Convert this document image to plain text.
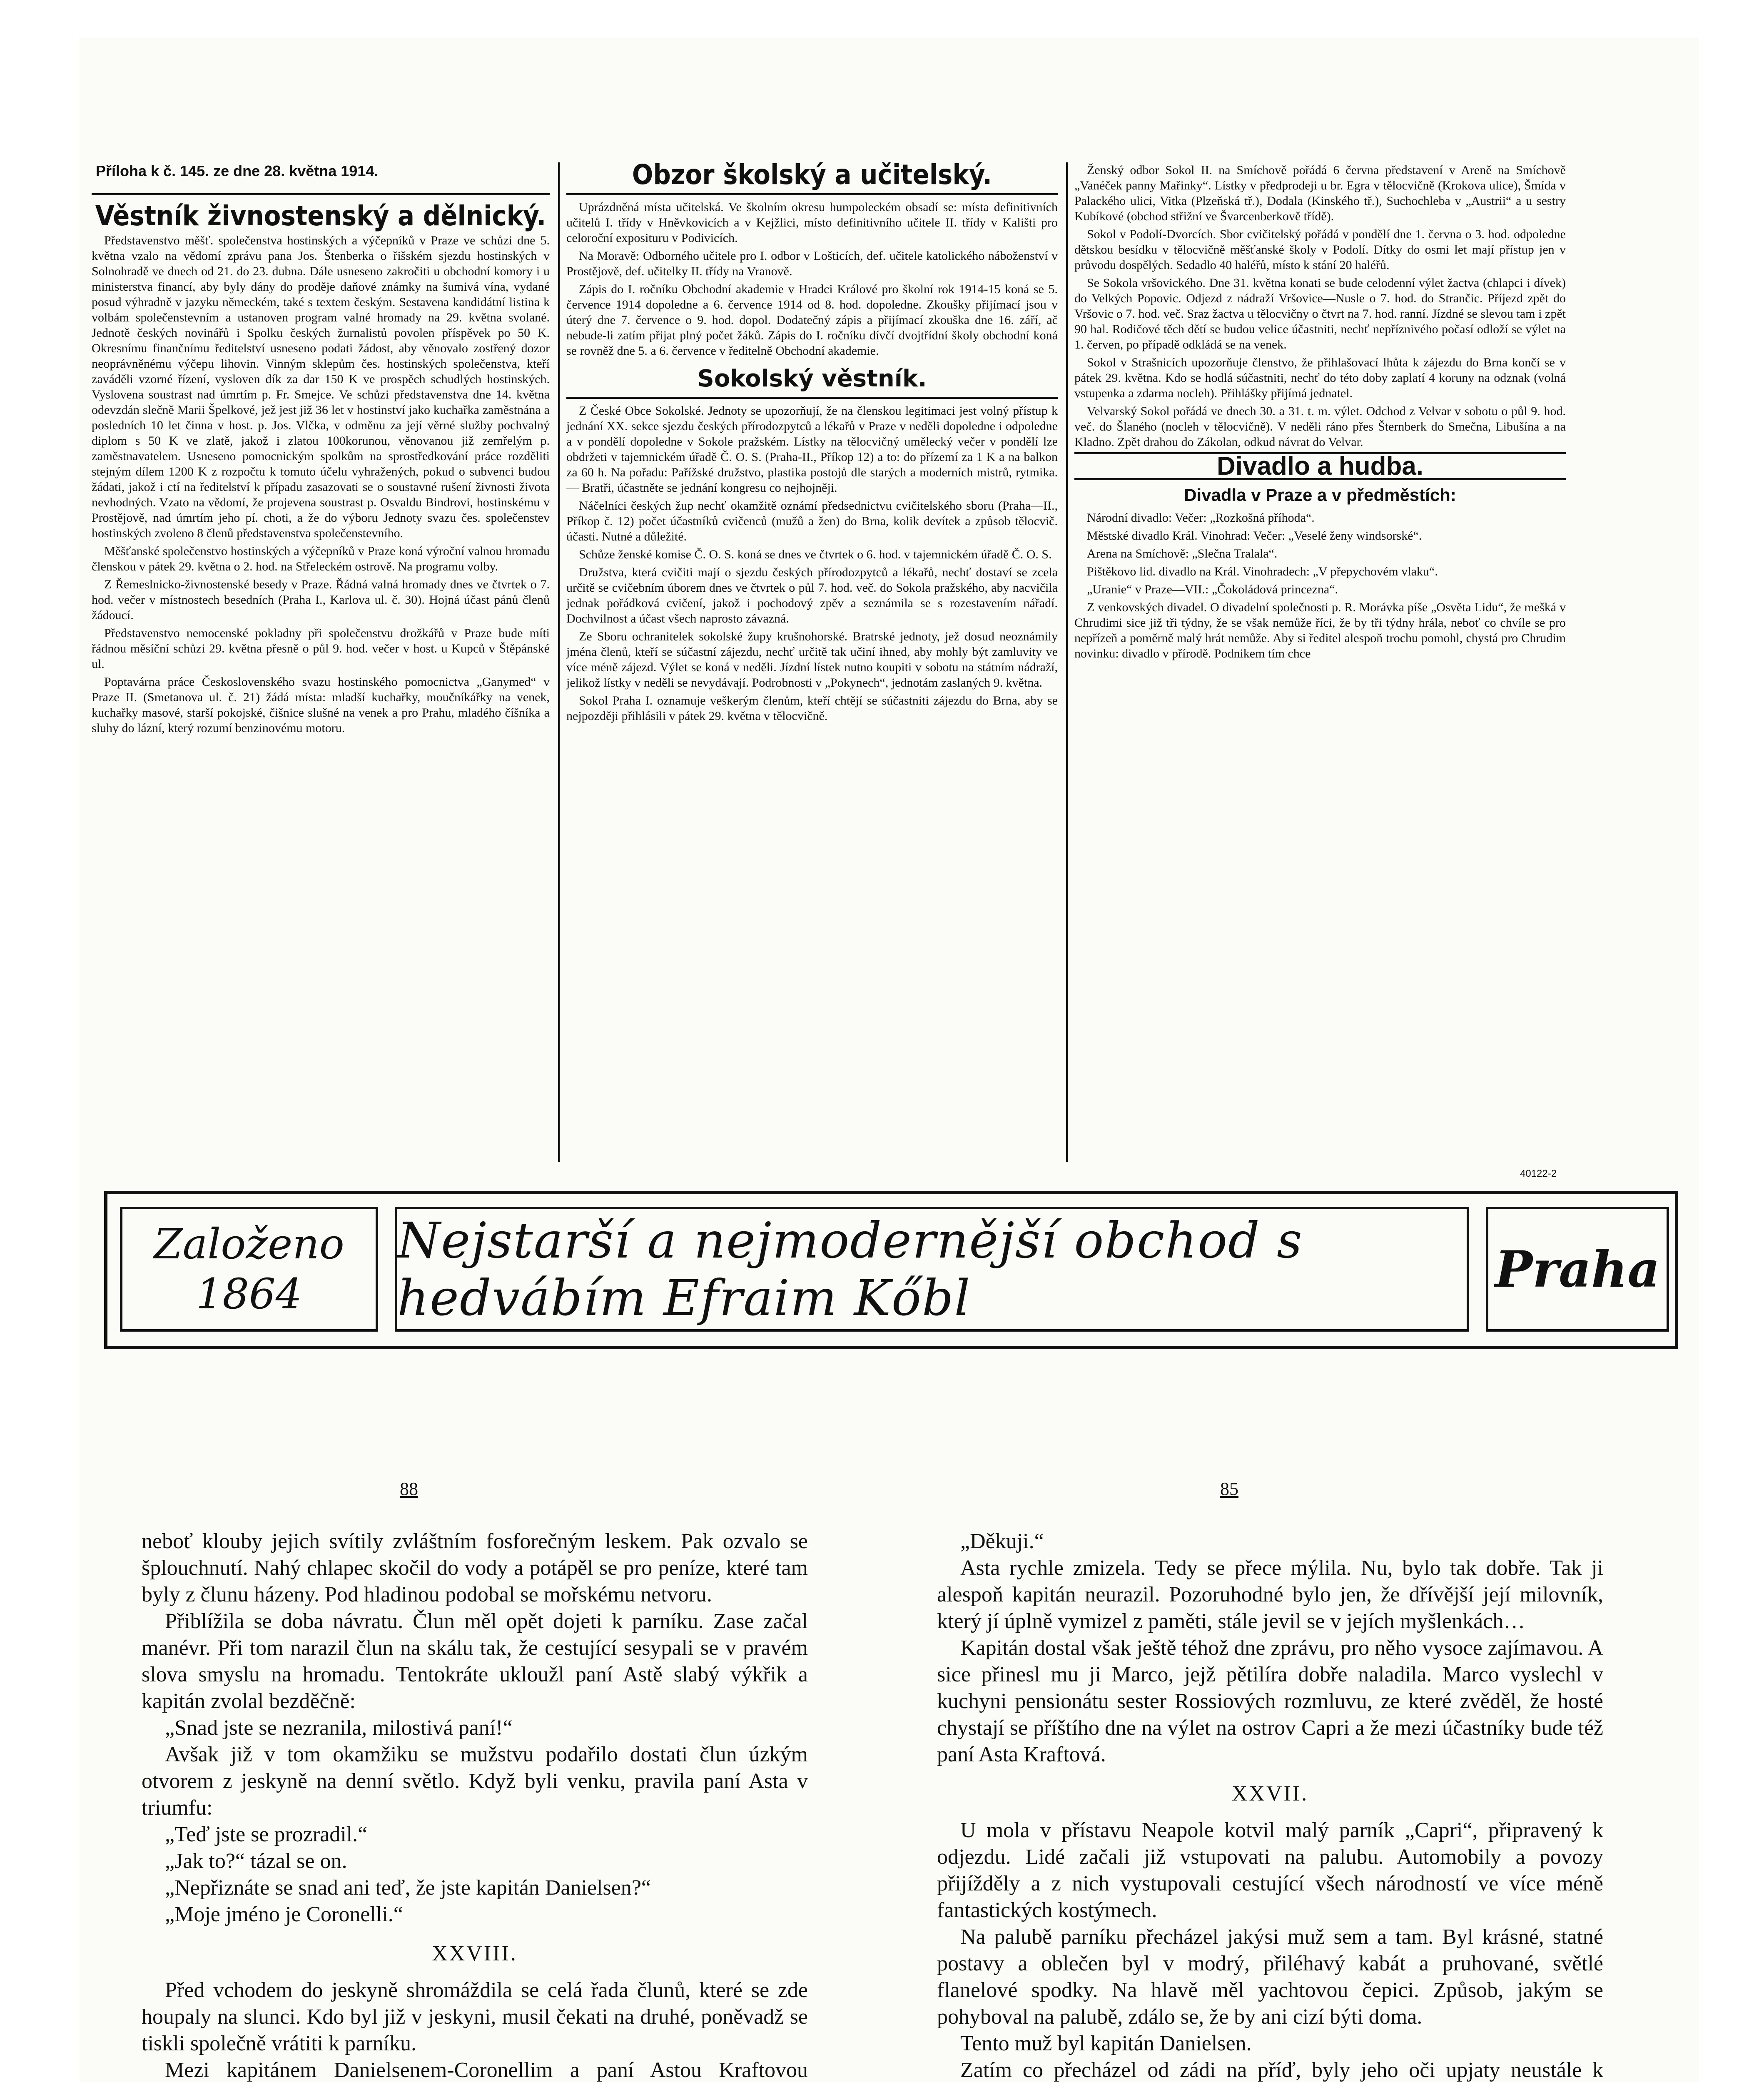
Příloha k č. 145. ze dne 28. května 1914.
Věstník živnostenský a dělnický.

Představenstvo měšť. společenstva hostinských a výčepníků v Praze ve schůzi dne 5. května vzalo na vědomí zprávu pana Jos. Štenberka o řišském sjezdu hostinských v Solnohradě ve dnech od 21. do 23. dubna. Dále usneseno zakročiti u obchodní komory i u ministerstva financí, aby byly dány do proděje daňové známky na šumivá vína, vydané posud výhradně v jazyku německém, také s textem českým. Sestavena kandidátní listina k volbám společenstevním a ustanoven program valné hromady na 29. května svolané. Jednotě českých novinářů i Spolku českých žurnalistů povolen příspěvek po 50 K. Okresnímu finančnímu ředitelství usneseno podati žádost, aby věnovalo zostřený dozor neoprávněnému výčepu lihovin. Vinným sklepům čes. hostinských společenstva, kteří zaváděli vzorné řízení, vysloven dík za dar 150 K ve prospěch schudlých hostinských. Vyslovena soustrast nad úmrtím p. Fr. Smejce. Ve schůzi představenstva dne 14. května odevzdán slečně Marii Špelkové, jež jest již 36 let v hostinství jako kuchařka zaměstnána a posledních 10 let činna v host. p. Jos. Vlčka, v odměnu za její věrné služby pochvalný diplom s 50 K ve zlatě, jakož i zlatou 100korunou, věnovanou již zemřelým p. zaměstnavatelem. Usneseno pomocnickým spolkům na sprostředkování práce rozděliti stejným dílem 1200 K z rozpočtu k tomuto účelu vyhražených, pokud o subvenci budou žádati, jakož i ctí na ředitelství k případu zasazovati se o soustavné rušení živnosti života nevhodných. Vzato na vědomí, že projevena soustrast p. Osvaldu Bindrovi, hostinskému v Prostějově, nad úmrtím jeho pí. choti, a že do výboru Jednoty svazu čes. společenstev hostinských zvoleno 8 členů představenstva společenstevního.

Měšťanské společenstvo hostinských a výčepníků v Praze koná výroční valnou hromadu členskou v pátek 29. května o 2. hod. na Střeleckém ostrově. Na programu volby.

Z Řemeslnicko-živnostenské besedy v Praze. Řádná valná hromady dnes ve čtvrtek o 7. hod. večer v místnostech besedních (Praha I., Karlova ul. č. 30). Hojná účast pánů členů žádoucí.

Představenstvo nemocenské pokladny při společenstvu drožkářů v Praze bude míti řádnou měsíční schůzi 29. května přesně o půl 9. hod. večer v host. u Kupců v Štěpánské ul.

Poptavárna práce Československého svazu hostinského pomocnictva „Ganymed“ v Praze II. (Smetanova ul. č. 21) žádá místa: mladší kuchařky, moučníkářky na venek, kuchařky masové, starší pokojské, čišnice slušné na venek a pro Prahu, mladého číšníka a sluhy do lázní, který rozumí benzinovému motoru.

Obzor školský a učitelský.

Uprázdněná místa učitelská. Ve školním okresu humpoleckém obsadí se: místa definitivních učitelů I. třídy v Hněvkovicích a v Kejžlici, místo definitivního učitele II. třídy v Kališti pro celoroční exposituru v Podivicích.

Na Moravě: Odborného učitele pro I. odbor v Lošticích, def. učitele katolického náboženství v Prostějově, def. učitelky II. třídy na Vranově.

Zápis do I. ročníku Obchodní akademie v Hradci Králové pro školní rok 1914-15 koná se 5. července 1914 dopoledne a 6. července 1914 od 8. hod. dopoledne. Zkoušky přijímací jsou v úterý dne 7. července o 9. hod. dopol. Dodatečný zápis a přijímací zkouška dne 16. září, ač nebude-li zatím přijat plný počet žáků. Zápis do I. ročníku dívčí dvojtřídní školy obchodní koná se rovněž dne 5. a 6. července v ředitelně Obchodní akademie.

Sokolský věstník.

Z České Obce Sokolské. Jednoty se upozorňují, že na členskou legitimaci jest volný přístup k jednání XX. sekce sjezdu českých přírodozpytců a lékařů v Praze v neděli dopoledne i odpoledne a v pondělí dopoledne v Sokole pražském. Lístky na tělocvičný umělecký večer v pondělí lze obdržeti v tajemnickém úřadě Č. O. S. (Praha-II., Příkop 12) a to: do přízemí za 1 K a na balkon za 60 h. Na pořadu: Pařížské družstvo, plastika postojů dle starých a moderních mistrů, rytmika. — Bratři, účastněte se jednání kongresu co nejhojněji.

Náčelníci českých žup nechť okamžitě oznámí předsednictvu cvičitelského sboru (Praha—II., Příkop č. 12) počet účastníků cvičenců (mužů a žen) do Brna, kolik devítek a způsob tělocvič. účasti. Nutné a důležité.

Schůze ženské komise Č. O. S. koná se dnes ve čtvrtek o 6. hod. v tajemnickém úřadě Č. O. S.

Družstva, která cvičiti mají o sjezdu českých přírodozpytců a lékařů, nechť dostaví se zcela určitě se cvičebním úborem dnes ve čtvrtek o půl 7. hod. več. do Sokola pražského, aby nacvičila jednak pořádková cvičení, jakož i pochodový zpěv a seznámila se s rozestavením nářadí. Dochvilnost a účast všech naprosto závazná.

Ze Sboru ochranitelek sokolské župy krušnohorské. Bratrské jednoty, jež dosud neoznámily jména členů, kteří se súčastní zájezdu, nechť určitě tak učiní ihned, aby mohly být zamluvity ve více méně zájezd. Výlet se koná v neděli. Jízdní lístek nutno koupiti v sobotu na státním nádraží, jelikož lístky v neděli se nevydávají. Podrobnosti v „Pokynech“, jednotám zaslaných 9. května.

Sokol Praha I. oznamuje veškerým členům, kteří chtějí se súčastniti zájezdu do Brna, aby se nejpozději přihlásili v pátek 29. května v tělocvičně.

Ženský odbor Sokol II. na Smíchově pořádá 6 června představení v Areně na Smíchově „Vanéček panny Mařinky“. Lístky v předprodeji u br. Egra v tělocvičně (Krokova ulice), Šmída v Palackého ulici, Vitka (Plzeňská tř.), Dodala (Kinského tř.), Suchochleba v „Austrii“ a u sestry Kubíkové (obchod střižní ve Švarcenberkově třídě).

Sokol v Podolí-Dvorcích. Sbor cvičitelský pořádá v pondělí dne 1. června o 3. hod. odpoledne dětskou besídku v tělocvičně měšťanské školy v Podolí. Dítky do osmi let mají přístup jen v průvodu dospělých. Sedadlo 40 haléřů, místo k stání 20 haléřů.

Se Sokola vršovického. Dne 31. května konati se bude celodenní výlet žactva (chlapci i dívek) do Velkých Popovic. Odjezd z nádraží Vršovice—Nusle o 7. hod. do Strančic. Příjezd zpět do Vršovic o 7. hod. več. Sraz žactva u tělocvičny o čtvrt na 7. hod. ranní. Jízdné se slevou tam i zpět 90 hal. Rodičové těch dětí se budou velice účastniti, nechť nepříznivého počasí odloží se výlet na 1. červen, po případě odkládá se na venek.

Sokol v Strašnicích upozorňuje členstvo, že přihlašovací lhůta k zájezdu do Brna končí se v pátek 29. května. Kdo se hodlá súčastniti, nechť do této doby zaplatí 4 koruny na odznak (volná vstupenka a zdarma nocleh). Přihlášky přijímá jednatel.

Velvarský Sokol pořádá ve dnech 30. a 31. t. m. výlet. Odchod z Velvar v sobotu o půl 9. hod. več. do Šlaného (nocleh v tělocvičně). V neděli ráno přes Šternberk do Smečna, Libušína a na Kladno. Zpět drahou do Zákolan, odkud návrat do Velvar.

Divadlo a hudba.
Divadla v Praze a v předměstích:

Národní divadlo: Večer: „Rozkošná příhoda“.

Městské divadlo Král. Vinohrad: Večer: „Veselé ženy windsorské“.

Arena na Smíchově: „Slečna Tralala“.

Pištěkovo lid. divadlo na Král. Vinohradech: „V přepychovém vlaku“.

„Uranie“ v Praze—VII.: „Čokoládová princezna“.

Z venkovských divadel. O divadelní společnosti p. R. Morávka píše „Osvěta Lidu“, že mešká v Chrudimi sice již tři týdny, že se však nemůže říci, že by tři týdny hrála, neboť co chvíle se pro nepřízeň a poměrně malý hrát nemůže. Aby si ředitel alespoň trochu pomohl, chystá pro Chrudim novinku: divadlo v přírodě. Podnikem tím chce

40122-2
Založeno
1864
Nejstarší a nejmodernější obchod s hedvábím Efraim Kőbl	Praha
88	85

neboť klouby jejich svítily zvláštním fosforečným leskem. Pak ozvalo se šplouchnutí. Nahý chlapec skočil do vody a potápěl se pro peníze, které tam byly z člunu házeny. Pod hladinou podobal se mořskému netvoru.

Přiblížila se doba návratu. Člun měl opět dojeti k parníku. Zase začal manévr. Při tom narazil člun na skálu tak, že cestující sesypali se v pravém slova smyslu na hromadu. Tentokráte ukloužl paní Astě slabý výkřik a kapitán zvolal bezděčně:

„Snad jste se nezranila, milostivá paní!“

Avšak již v tom okamžiku se mužstvu podařilo dostati člun úzkým otvorem z jeskyně na denní světlo. Když byli venku, pravila paní Asta v triumfu:

„Teď jste se prozradil.“

„Jak to?“ tázal se on.

„Nepřiznáte se snad ani teď, že jste kapitán Danielsen?“

„Moje jméno je Coronelli.“

XXVIII.

Před vchodem do jeskyně shromáždila se celá řada člunů, které se zde houpaly na slunci. Kdo byl již v jeskyni, musil čekati na druhé, poněvadž se tiskli společně vrátiti k parníku.

Mezi kapitánem Danielsenem-Coronellim a paní Astou Kraftovou

„Děkuji.“

Asta rychle zmizela. Tedy se přece mýlila. Nu, bylo tak dobře. Tak ji alespoň kapitán neurazil. Pozoruhodné bylo jen, že dřívější její milovník, který jí úplně vymizel z paměti, stále jevil se v jejích myšlenkách…

Kapitán dostal však ještě téhož dne zprávu, pro něho vysoce zajímavou. A sice přinesl mu ji Marco, jejž pětilíra dobře naladila. Marco vyslechl v kuchyni pensionátu sester Rossiových rozmluvu, ze které zvěděl, že hosté chystají se příštího dne na výlet na ostrov Capri a že mezi účastníky bude též paní Asta Kraftová.

XXVII.

U mola v přístavu Neapole kotvil malý parník „Capri“, připravený k odjezdu. Lidé začali již vstupovati na palubu. Automobily a povozy přijížděly a z nich vystupovali cestující všech národností ve více méně fantastických kostýmech.

Na palubě parníku přecházel jakýsi muž sem a tam. Byl krásné, statné postavy a oblečen byl v modrý, přiléhavý kabát a pruhované, světlé flanelové spodky. Na hlavě měl yachtovou čepici. Způsob, jakým se pohyboval na palubě, zdálo se, že by ani cizí býti doma.

Tento muž byl kapitán Danielsen.

Zatím co přecházel od zádi na příď, byly jeho oči upjaty neustále k
